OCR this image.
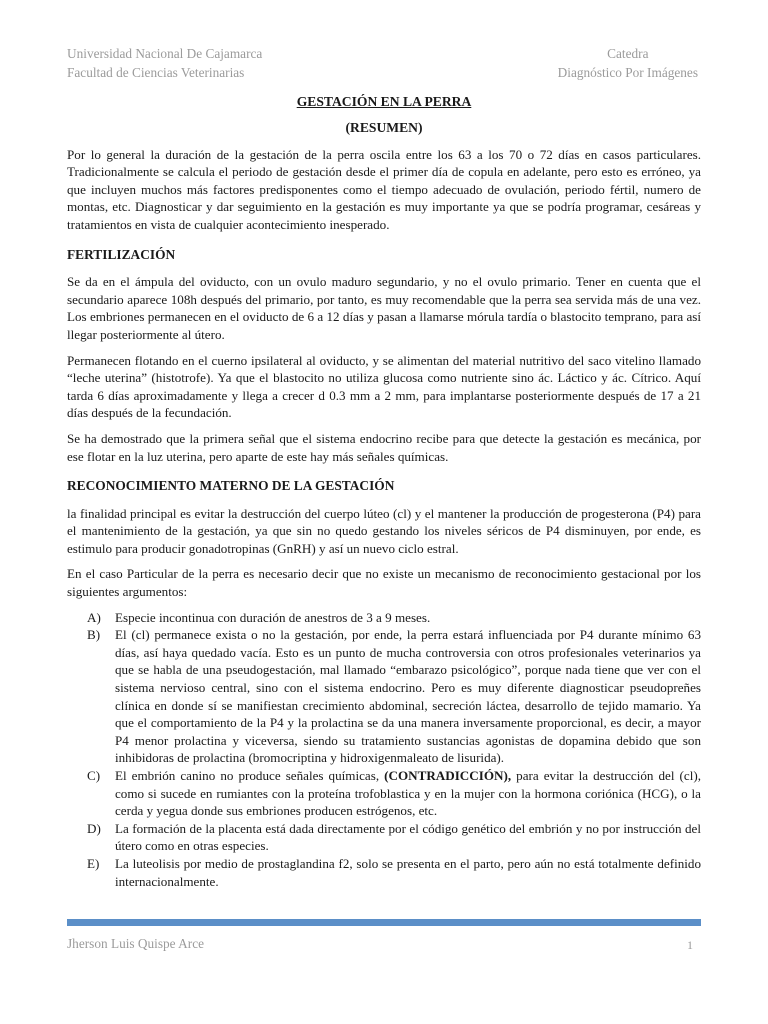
Universidad Nacional De Cajamarca
Facultad de Ciencias Veterinarias
Catedra
Diagnóstico Por Imágenes
GESTACIÓN EN LA PERRA
(RESUMEN)

Por lo general la duración de la gestación de la perra oscila entre los 63 a los 70 o 72 días en casos particulares. Tradicionalmente se calcula el periodo de gestación desde el primer día de copula en adelante, pero esto es erróneo, ya que incluyen muchos más factores predisponentes como el tiempo adecuado de ovulación, periodo fértil, numero de montas, etc. Diagnosticar y dar seguimiento en la gestación es muy importante ya que se podría programar, cesáreas y tratamientos en vista de cualquier acontecimiento inesperado.

FERTILIZACIÓN

Se da en el ámpula del oviducto, con un ovulo maduro segundario, y no el ovulo primario. Tener en cuenta que el secundario aparece 108h después del primario, por tanto, es muy recomendable que la perra sea servida más de una vez. Los embriones permanecen en el oviducto de 6 a 12 días y pasan a llamarse mórula tardía o blastocito temprano, para así llegar posteriormente al útero.

Permanecen flotando en el cuerno ipsilateral al oviducto, y se alimentan del material nutritivo del saco vitelino llamado “leche uterina” (histotrofe). Ya que el blastocito no utiliza glucosa como nutriente sino ác. Láctico y ác. Cítrico. Aquí tarda 6 días aproximadamente y llega a crecer d 0.3 mm a 2 mm, para implantarse posteriormente después de 17 a 21 días después de la fecundación.

Se ha demostrado que la primera señal que el sistema endocrino recibe para que detecte la gestación es mecánica, por ese flotar en la luz uterina, pero aparte de este hay más señales químicas.

RECONOCIMIENTO MATERNO DE LA GESTACIÓN

la finalidad principal es evitar la destrucción del cuerpo lúteo (cl) y el mantener la producción de progesterona (P4) para el mantenimiento de la gestación, ya que sin no quedo gestando los niveles séricos de P4 disminuyen, por ende, es estimulo para producir gonadotropinas (GnRH) y así un nuevo ciclo estral.

En el caso Particular de la perra es necesario decir que no existe un mecanismo de reconocimiento gestacional por los siguientes argumentos:

A) Especie incontinua con duración de anestros de 3 a 9 meses.
B) El (cl) permanece exista o no la gestación, por ende, la perra estará influenciada por P4 durante mínimo 63 días, así haya quedado vacía. Esto es un punto de mucha controversia con otros profesionales veterinarios ya que se habla de una pseudogestación, mal llamado “embarazo psicológico”, porque nada tiene que ver con el sistema nervioso central, sino con el sistema endocrino. Pero es muy diferente diagnosticar pseudopreñes clínica en donde sí se manifiestan crecimiento abdominal, secreción láctea, desarrollo de tejido mamario. Ya que el comportamiento de la P4 y la prolactina se da una manera inversamente proporcional, es decir, a mayor P4 menor prolactina y viceversa, siendo su tratamiento sustancias agonistas de dopamina debido que son inhibidoras de prolactina (bromocriptina y hidroxigenmaleato de lisurida).
C) El embrión canino no produce señales químicas, (CONTRADICCIÓN), para evitar la destrucción del (cl), como si sucede en rumiantes con la proteína trofoblastica y en la mujer con la hormona coriónica (HCG), o la cerda y yegua donde sus embriones producen estrógenos, etc.
D) La formación de la placenta está dada directamente por el código genético del embrión y no por instrucción del útero como en otras especies.
E) La luteolisis por medio de prostaglandina f2, solo se presenta en el parto, pero aún no está totalmente definido internacionalmente.
Jherson Luis Quispe Arce	1
